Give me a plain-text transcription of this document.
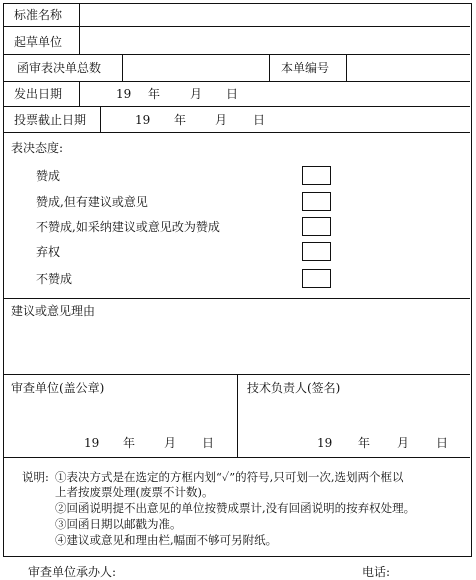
标准名称
起草单位
函审表决单总数	本单编号
发出日期	19 年 月 日
投票截止日期	19 年 月 日
表决态度:
赞成
赞成,但有建议或意见
不赞成,如采纳建议或意见改为赞成
弃权
不赞成
建议或意见理由
审查单位(盖公章)	技术负责人(签名)
19 年 月 日	19 年 月 日
说明: ①表决方式是在选定的方框内划“✓”的符号,只可划一次,选划两个框以
上者按废票处理(废票不计数)。
②回函说明提不出意见的单位按赞成票计,没有回函说明的按弃权处理。
③回函日期以邮戳为准。
④建议或意见和理由栏,幅面不够可另附纸。
审查单位承办人:	电话:
